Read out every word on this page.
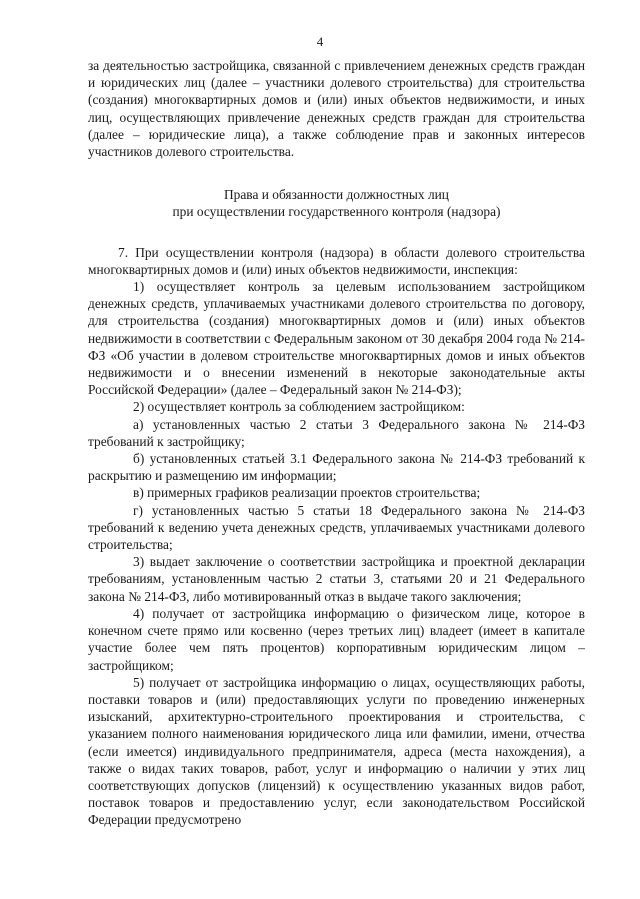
4

за деятельностью застройщика, связанной с привлечением денежных средств граждан и юридических лиц (далее – участники долевого строительства) для строительства (создания) многоквартирных домов и (или) иных объектов недвижимости, и иных лиц, осуществляющих привлечение денежных средств граждан для строительства (далее – юридические лица), а также соблюдение прав и законных интересов участников долевого строительства.

Права и обязанности должностных лиц
при осуществлении государственного контроля (надзора)

7. При осуществлении контроля (надзора) в области долевого строительства многоквартирных домов и (или) иных объектов недвижимости, инспекция:

1) осуществляет контроль за целевым использованием застройщиком денежных средств, уплачиваемых участниками долевого строительства по договору, для строительства (создания) многоквартирных домов и (или) иных объектов недвижимости в соответствии с Федеральным законом от 30 декабря 2004 года № 214-ФЗ «Об участии в долевом строительстве многоквартирных домов и иных объектов недвижимости и о внесении изменений в некоторые законодательные акты Российской Федерации» (далее – Федеральный закон № 214-ФЗ);

2) осуществляет контроль за соблюдением застройщиком:

а) установленных частью 2 статьи 3 Федерального закона № 214-ФЗ требований к застройщику;

б) установленных статьей 3.1 Федерального закона № 214-ФЗ требований к раскрытию и размещению им информации;

в) примерных графиков реализации проектов строительства;

г) установленных частью 5 статьи 18 Федерального закона № 214-ФЗ требований к ведению учета денежных средств, уплачиваемых участниками долевого строительства;

3) выдает заключение о соответствии застройщика и проектной декларации требованиям, установленным частью 2 статьи 3, статьями 20 и 21 Федерального закона № 214-ФЗ, либо мотивированный отказ в выдаче такого заключения;

4) получает от застройщика информацию о физическом лице, которое в конечном счете прямо или косвенно (через третьих лиц) владеет (имеет в капитале участие более чем пять процентов) корпоративным юридическим лицом – застройщиком;

5) получает от застройщика информацию о лицах, осуществляющих работы, поставки товаров и (или) предоставляющих услуги по проведению инженерных изысканий, архитектурно-строительного проектирования и строительства, с указанием полного наименования юридического лица или фамилии, имени, отчества (если имеется) индивидуального предпринимателя, адреса (места нахождения), а также о видах таких товаров, работ, услуг и информацию о наличии у этих лиц соответствующих допусков (лицензий) к осуществлению указанных видов работ, поставок товаров и предоставлению услуг, если законодательством Российской Федерации предусмотрено
